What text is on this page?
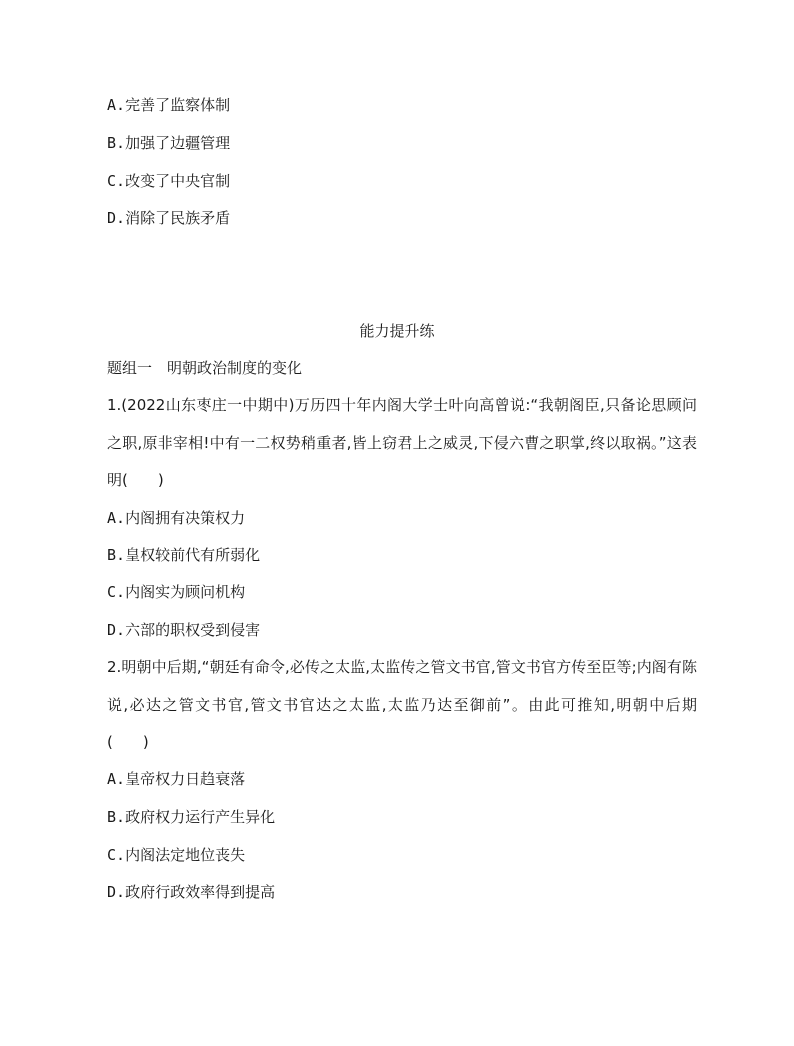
A.完善了监察体制
B.加强了边疆管理
C.改变了中央官制
D.消除了民族矛盾
能力提升练
题组一　明朝政治制度的变化
1.(2022山东枣庄一中期中)万历四十年内阁大学士叶向高曾说:“我朝阁臣,只备论思顾问之职,原非宰相!中有一二权势稍重者,皆上窃君上之威灵,下侵六曹之职掌,终以取祸。”这表明(　　)
A.内阁拥有决策权力
B.皇权较前代有所弱化
C.内阁实为顾问机构
D.六部的职权受到侵害
2.明朝中后期,“朝廷有命令,必传之太监,太监传之管文书官,管文书官方传至臣等;内阁有陈说,必达之管文书官,管文书官达之太监,太监乃达至御前”。由此可推知,明朝中后期　(　　)
A.皇帝权力日趋衰落
B.政府权力运行产生异化
C.内阁法定地位丧失
D.政府行政效率得到提高
